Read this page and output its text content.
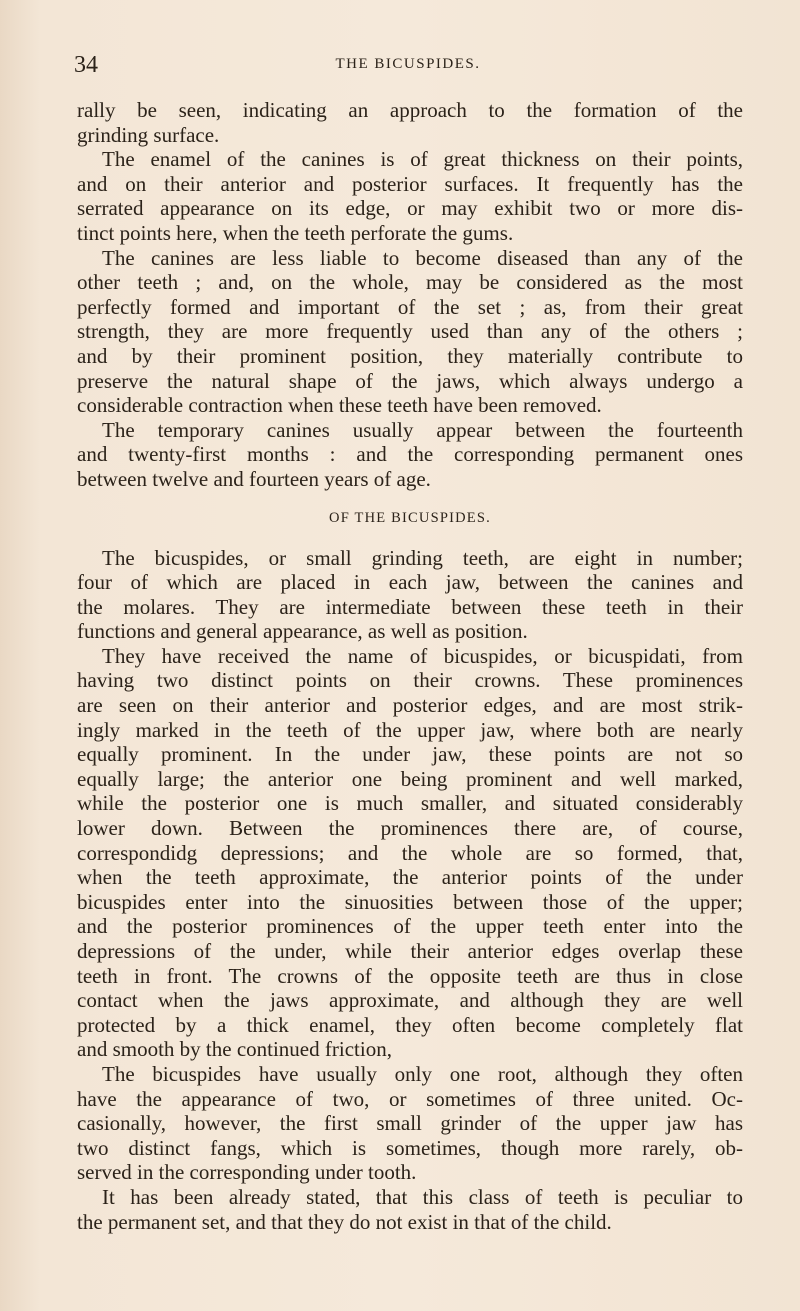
34	THE BICUSPIDES.
rally be seen, indicating an approach to the formation of the
grinding surface.
The enamel of the canines is of great thickness on their points,
and on their anterior and posterior surfaces. It frequently has the
serrated appearance on its edge, or may exhibit two or more dis-
tinct points here, when the teeth perforate the gums.
The canines are less liable to become diseased than any of the
other teeth ; and, on the whole, may be considered as the most
perfectly formed and important of the set ; as, from their great
strength, they are more frequently used than any of the others ;
and by their prominent position, they materially contribute to
preserve the natural shape of the jaws, which always undergo a
considerable contraction when these teeth have been removed.
The temporary canines usually appear between the fourteenth
and twenty-first months : and the corresponding permanent ones
between twelve and fourteen years of age.
OF THE BICUSPIDES.
The bicuspides, or small grinding teeth, are eight in number;
four of which are placed in each jaw, between the canines and
the molares. They are intermediate between these teeth in their
functions and general appearance, as well as position.
They have received the name of bicuspides, or bicuspidati, from
having two distinct points on their crowns. These prominences
are seen on their anterior and posterior edges, and are most strik-
ingly marked in the teeth of the upper jaw, where both are nearly
equally prominent. In the under jaw, these points are not so
equally large; the anterior one being prominent and well marked,
while the posterior one is much smaller, and situated considerably
lower down. Between the prominences there are, of course,
correspondidg depressions; and the whole are so formed, that,
when the teeth approximate, the anterior points of the under
bicuspides enter into the sinuosities between those of the upper;
and the posterior prominences of the upper teeth enter into the
depressions of the under, while their anterior edges overlap these
teeth in front. The crowns of the opposite teeth are thus in close
contact when the jaws approximate, and although they are well
protected by a thick enamel, they often become completely flat
and smooth by the continued friction,
The bicuspides have usually only one root, although they often
have the appearance of two, or sometimes of three united. Oc-
casionally, however, the first small grinder of the upper jaw has
two distinct fangs, which is sometimes, though more rarely, ob-
served in the corresponding under tooth.
It has been already stated, that this class of teeth is peculiar to
the permanent set, and that they do not exist in that of the child.
